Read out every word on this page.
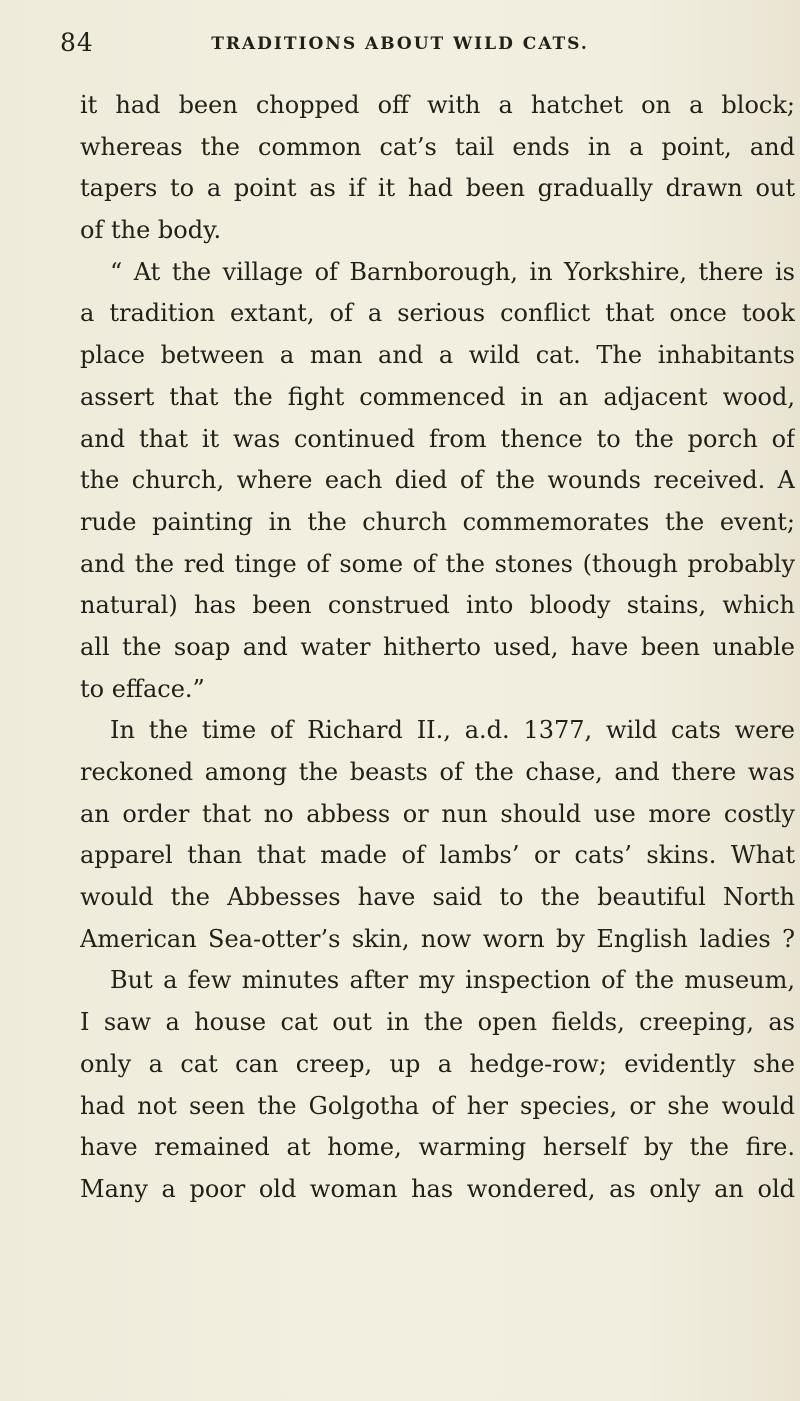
84	TRADITIONS ABOUT WILD CATS.
it had been chopped off with a hatchet on a block;
whereas the common cat’s tail ends in a point, and
tapers to a point as if it had been gradually drawn out
of the body.
“ At the village of Barnborough, in Yorkshire, there is
a tradition extant, of a serious conflict that once took
place between a man and a wild cat. The inhabitants
assert that the fight commenced in an adjacent wood,
and that it was continued from thence to the porch of
the church, where each died of the wounds received. A
rude painting in the church commemorates the event;
and the red tinge of some of the stones (though probably
natural) has been construed into bloody stains, which
all the soap and water hitherto used, have been unable
to efface.”
In the time of Richard II., a.d. 1377, wild cats were
reckoned among the beasts of the chase, and there was
an order that no abbess or nun should use more costly
apparel than that made of lambs’ or cats’ skins. What
would the Abbesses have said to the beautiful North
American Sea-otter’s skin, now worn by English ladies ?
But a few minutes after my inspection of the museum,
I saw a house cat out in the open fields, creeping, as
only a cat can creep, up a hedge-row; evidently she
had not seen the Golgotha of her species, or she would
have remained at home, warming herself by the fire.
Many a poor old woman has wondered, as only an old
